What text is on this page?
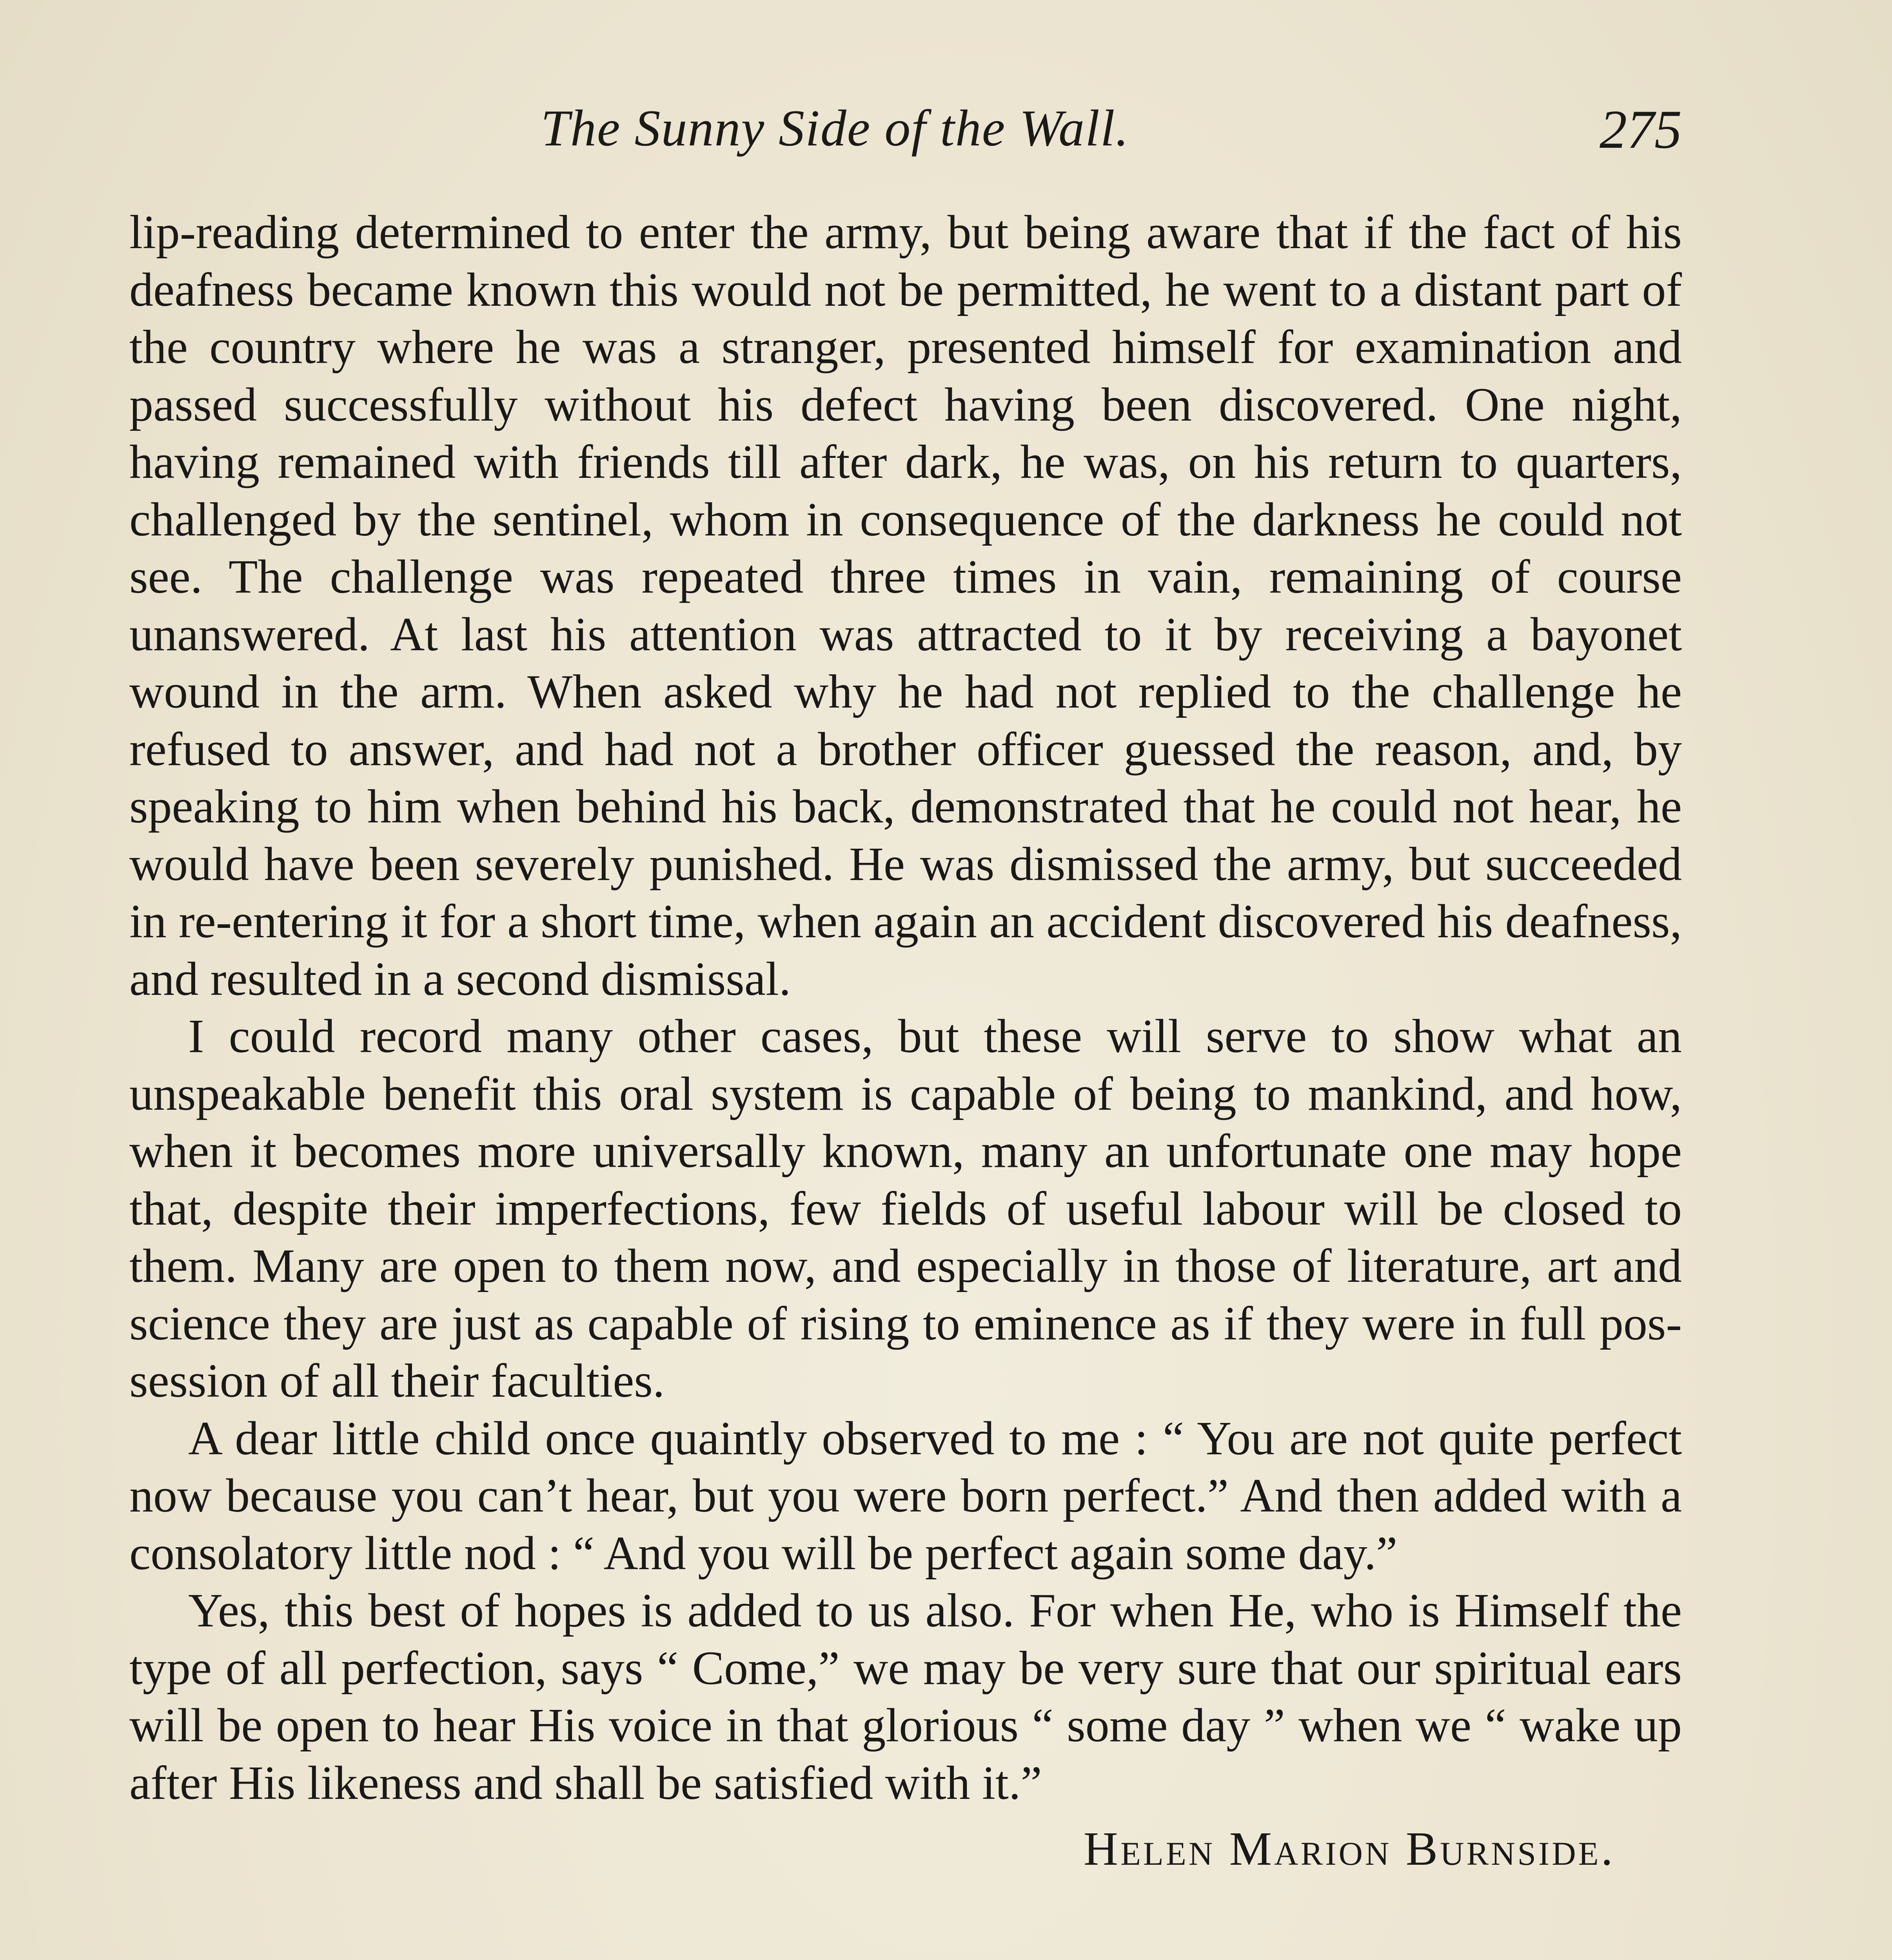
The Sunny Side of the Wall.	275

lip-reading determined to enter the army, but being aware that if the fact of his deafness became known this would not be permitted, he went to a distant part of the country where he was a stranger, presented himself for examination and passed successfully without his defect having been discovered. One night, having remained with friends till after dark, he was, on his return to quarters, challenged by the sentinel, whom in consequence of the darkness he could not see. The challenge was repeated three times in vain, remaining of course unanswered. At last his attention was attracted to it by receiving a bayonet wound in the arm. When asked why he had not replied to the challenge he refused to answer, and had not a brother officer guessed the reason, and, by speaking to him when behind his back, demonstrated that he could not hear, he would have been severely punished. He was dismissed the army, but succeeded in re-entering it for a short time, when again an accident discovered his deafness, and resulted in a second dismissal.

I could record many other cases, but these will serve to show what an unspeakable benefit this oral system is capable of being to mankind, and how, when it becomes more universally known, many an unfortunate one may hope that, despite their imperfections, few fields of useful labour will be closed to them. Many are open to them now, and especially in those of literature, art and science they are just as capable of rising to eminence as if they were in full possession of all their faculties.

A dear little child once quaintly observed to me : “ You are not quite perfect now because you can’t hear, but you were born perfect.” And then added with a consolatory little nod : “ And you will be perfect again some day.”

Yes, this best of hopes is added to us also. For when He, who is Himself the type of all perfection, says “ Come,” we may be very sure that our spiritual ears will be open to hear His voice in that glorious “ some day ” when we “ wake up after His likeness and shall be satisfied with it.”

Helen Marion Burnside.
